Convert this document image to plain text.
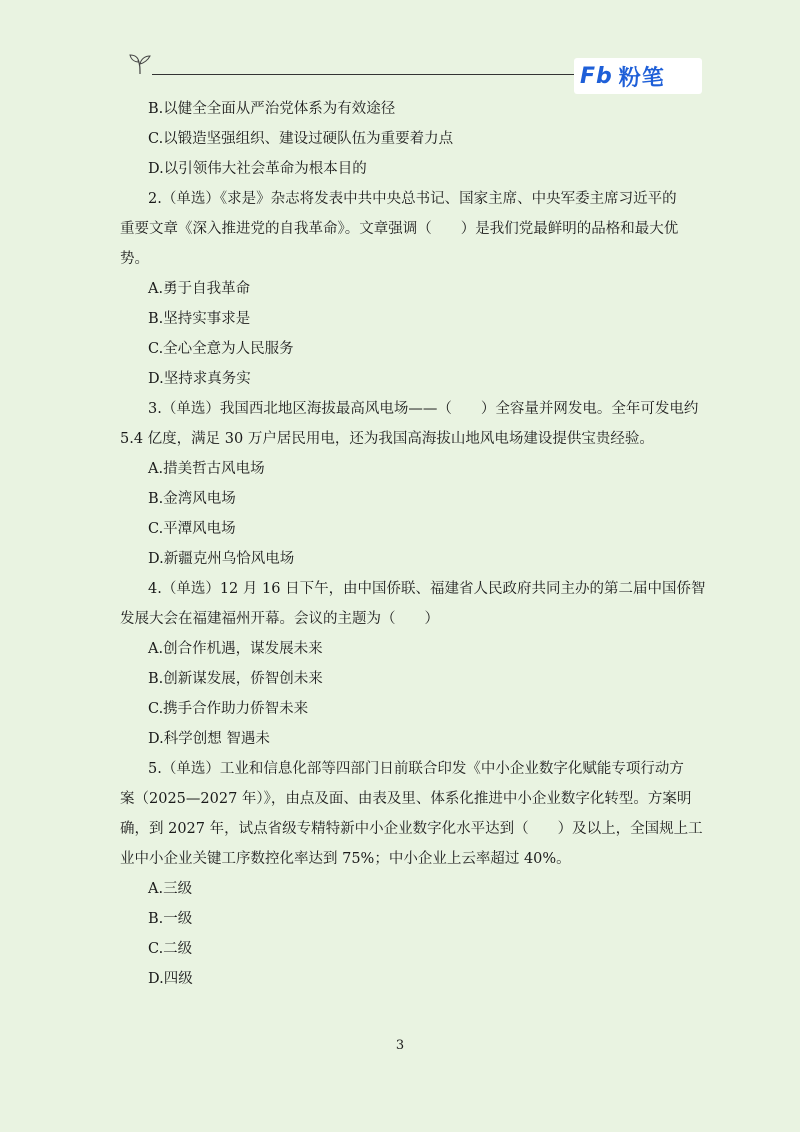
Fb 粉笔
B.以健全全面从严治党体系为有效途径
C.以锻造坚强组织、建设过硬队伍为重要着力点
D.以引领伟大社会革命为根本目的
2.（单选）《求是》杂志将发表中共中央总书记、国家主席、中央军委主席习近平的
重要文章《深入推进党的自我革命》。文章强调（　　）是我们党最鲜明的品格和最大优
势。
A.勇于自我革命
B.坚持实事求是
C.全心全意为人民服务
D.坚持求真务实
3.（单选）我国西北地区海拔最高风电场——（　　）全容量并网发电。全年可发电约
5.4 亿度，满足 30 万户居民用电，还为我国高海拔山地风电场建设提供宝贵经验。
A.措美哲古风电场
B.金湾风电场
C.平潭风电场
D.新疆克州乌恰风电场
4.（单选）12 月 16 日下午，由中国侨联、福建省人民政府共同主办的第二届中国侨智
发展大会在福建福州开幕。会议的主题为（　　）
A.创合作机遇，谋发展未来
B.创新谋发展，侨智创未来
C.携手合作助力侨智未来
D.科学创想 智遇未
5.（单选）工业和信息化部等四部门日前联合印发《中小企业数字化赋能专项行动方
案（2025—2027 年）》，由点及面、由表及里、体系化推进中小企业数字化转型。方案明
确，到 2027 年，试点省级专精特新中小企业数字化水平达到（　　）及以上，全国规上工
业中小企业关键工序数控化率达到 75%；中小企业上云率超过 40%。
A.三级
B.一级
C.二级
D.四级
3
